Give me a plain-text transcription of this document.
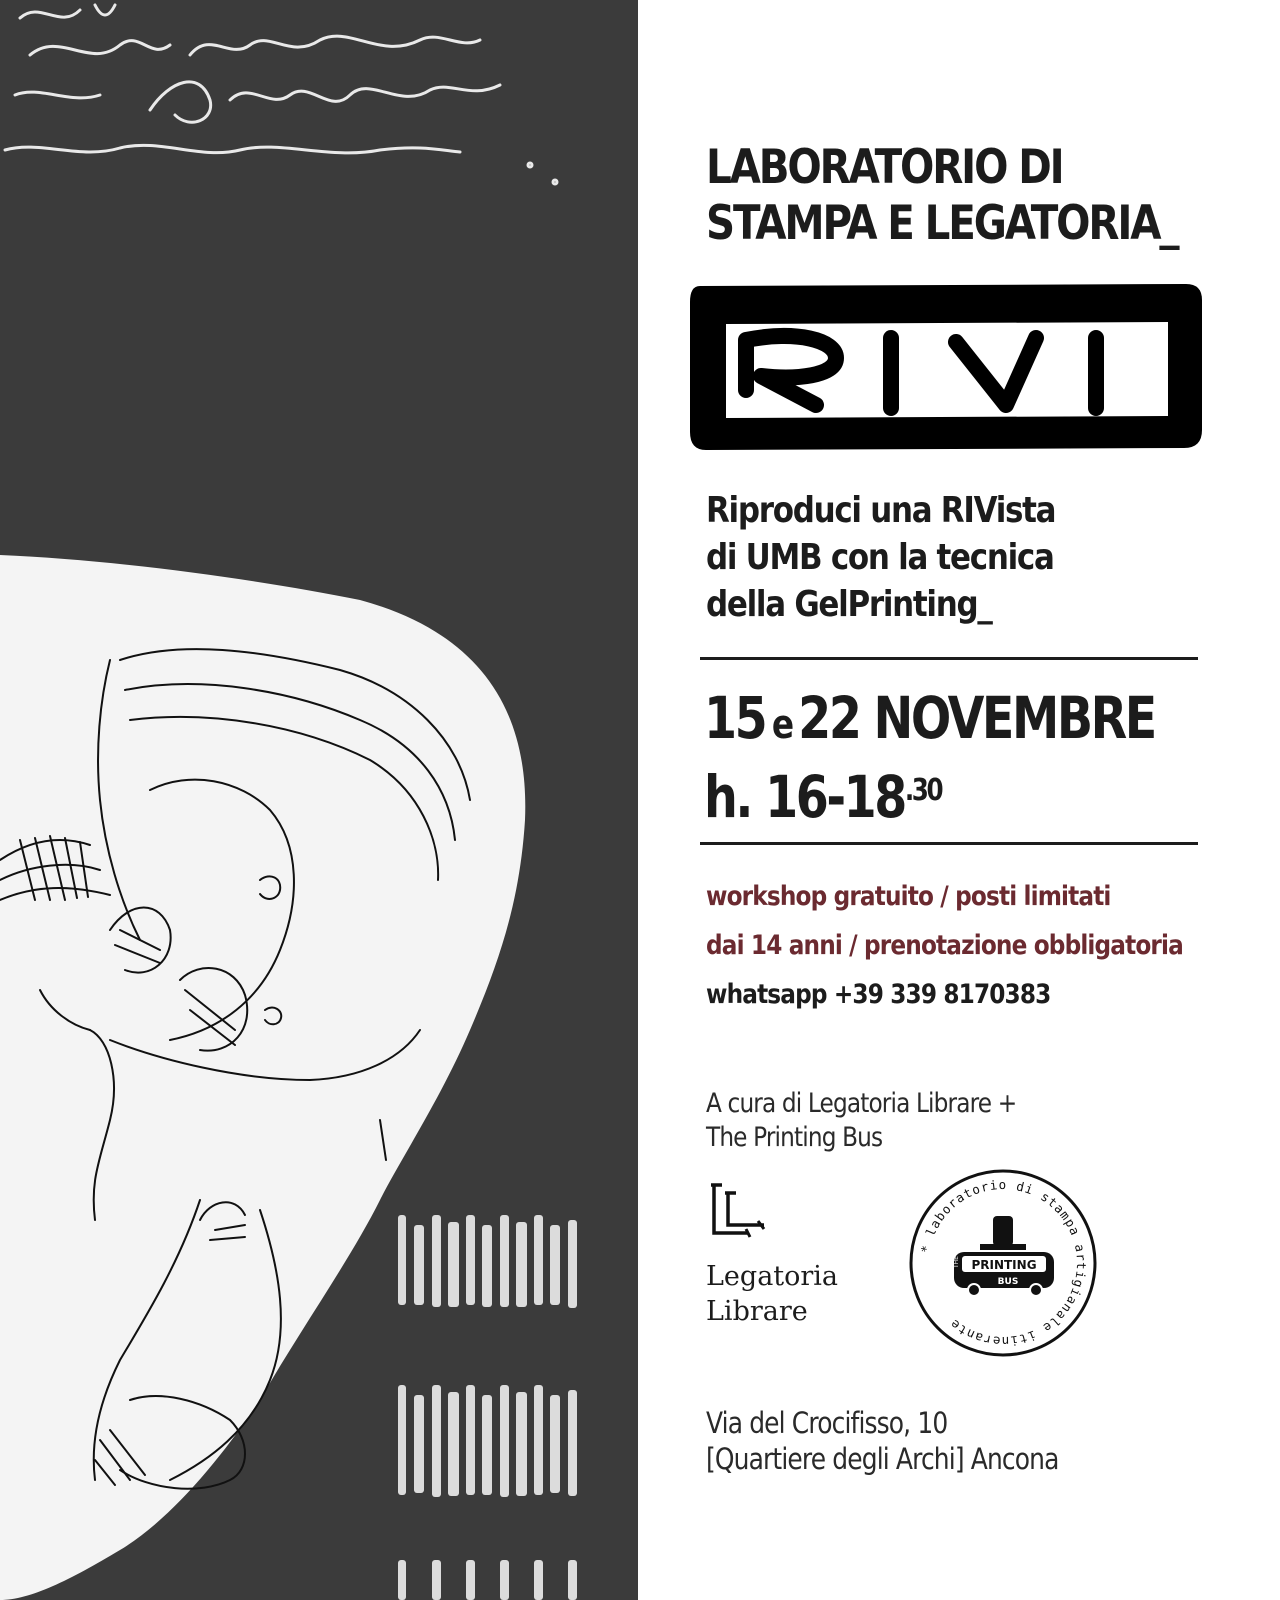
LABORATORIO DI
STAMPA E LEGATORIA_
Riproduci una RIVista
di UMB con la tecnica
della GelPrinting_
15 e 22 NOVEMBRE
h. $16-18^{.30}$
workshop gratuito / posti limitati
dai 14 anni / prenotazione obbligatoria
whatsapp +39 339 8170383
A cura di Legatoria Librare +
The Printing Bus
Legatoria
Librare
* laboratorio di stampa artigianale itinerante
PRINTING
THE
BUS
Via del Crocifisso, 10
[Quartiere degli Archi] Ancona
